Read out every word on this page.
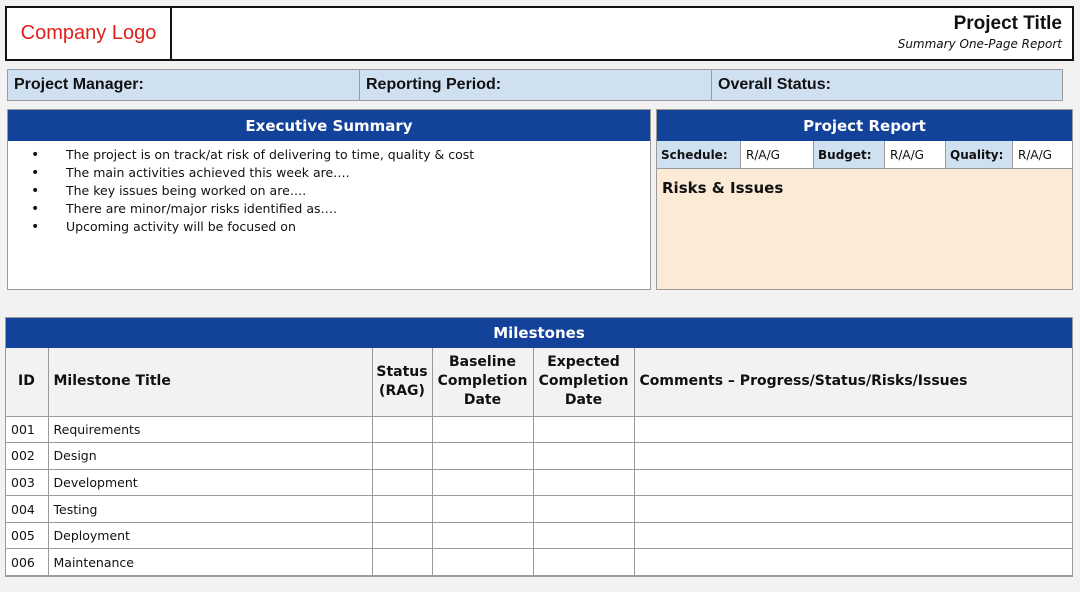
Company Logo	Project Title
Summary One-Page Report
Project Manager:	Reporting Period:	Overall Status:
Executive Summary
• The project is on track/at risk of delivering to time, quality & cost
• The main activities achieved this week are….
• The key issues being worked on are….
• There are minor/major risks identified as….
• Upcoming activity will be focused on
Project Report
Schedule:	R/A/G	Budget:	R/A/G	Quality:	R/A/G
Risks & Issues
Milestones
ID	Milestone Title	Status (RAG)	Baseline Completion Date	Expected Completion Date	Comments – Progress/Status/Risks/Issues
001	Requirements				
002	Design				
003	Development				
004	Testing				
005	Deployment				
006	Maintenance				
